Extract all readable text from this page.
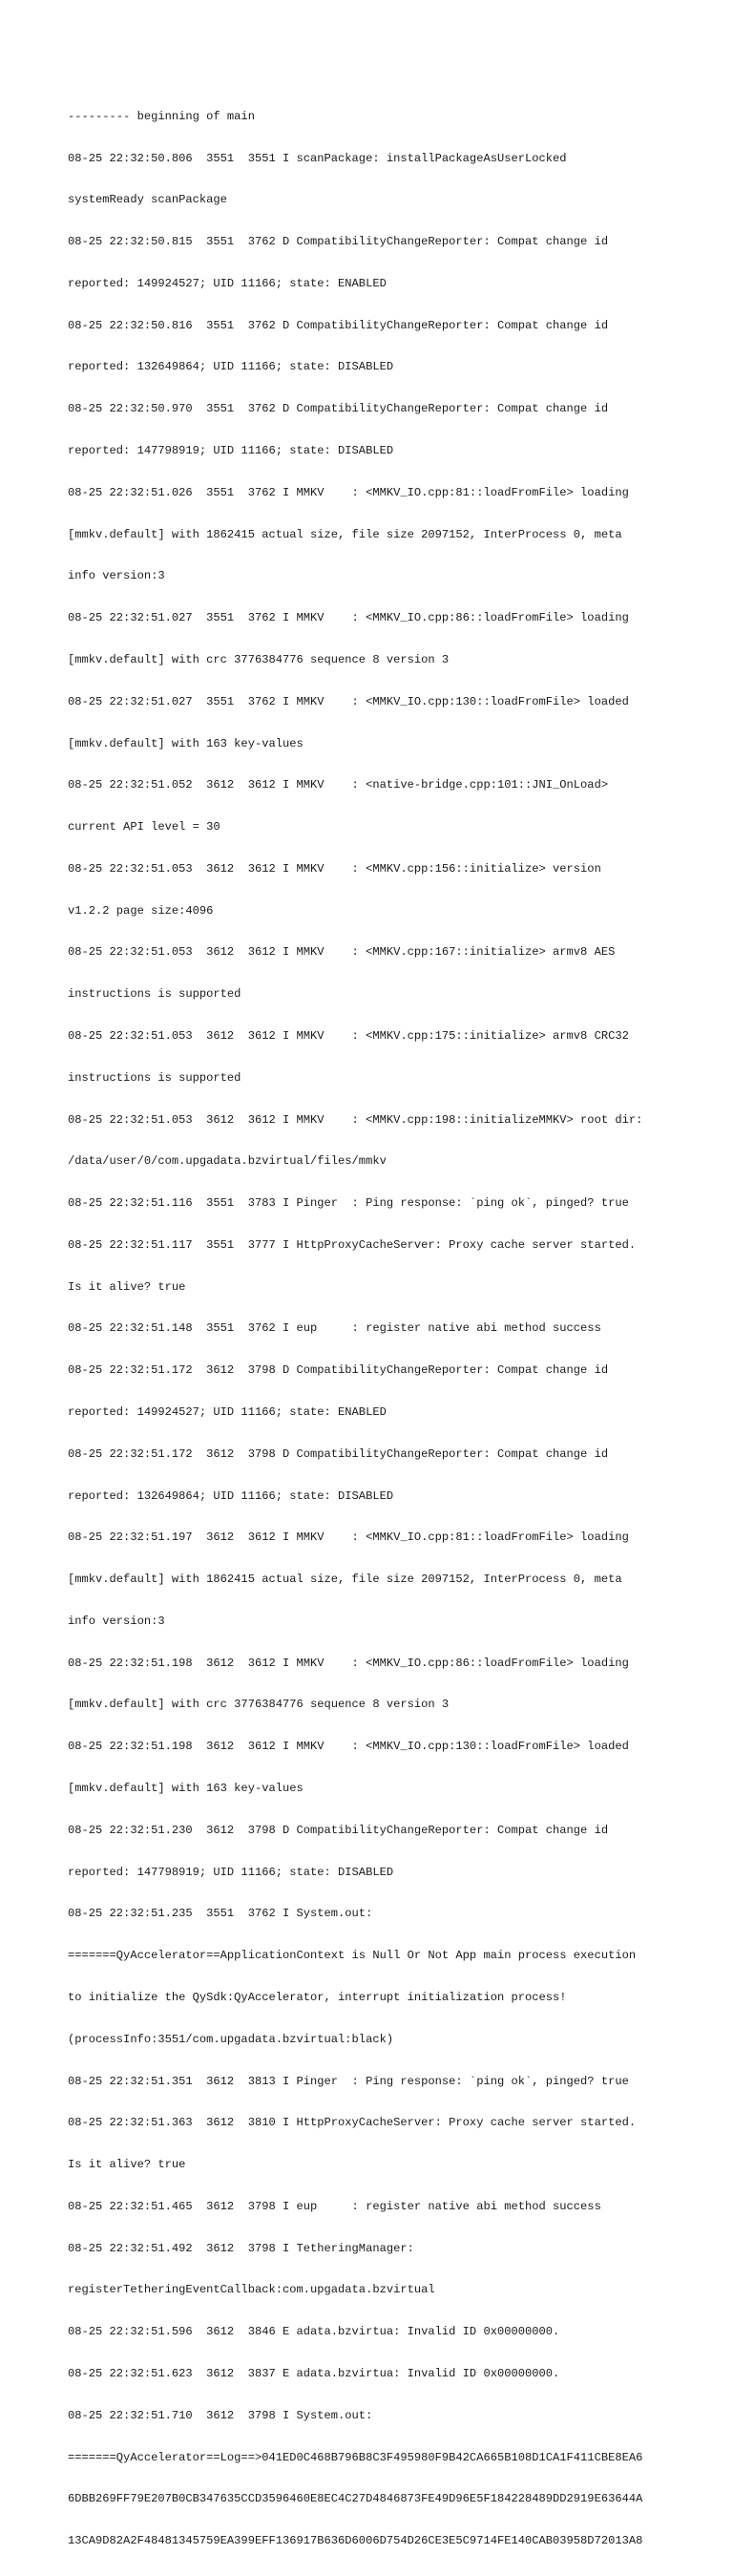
--------- beginning of main

08-25 22:32:50.806  3551  3551 I scanPackage: installPackageAsUserLocked

systemReady scanPackage

08-25 22:32:50.815  3551  3762 D CompatibilityChangeReporter: Compat change id

reported: 149924527; UID 11166; state: ENABLED

08-25 22:32:50.816  3551  3762 D CompatibilityChangeReporter: Compat change id

reported: 132649864; UID 11166; state: DISABLED

08-25 22:32:50.970  3551  3762 D CompatibilityChangeReporter: Compat change id

reported: 147798919; UID 11166; state: DISABLED

08-25 22:32:51.026  3551  3762 I MMKV    : <MMKV_IO.cpp:81::loadFromFile> loading

[mmkv.default] with 1862415 actual size, file size 2097152, InterProcess 0, meta

info version:3

08-25 22:32:51.027  3551  3762 I MMKV    : <MMKV_IO.cpp:86::loadFromFile> loading

[mmkv.default] with crc 3776384776 sequence 8 version 3

08-25 22:32:51.027  3551  3762 I MMKV    : <MMKV_IO.cpp:130::loadFromFile> loaded

[mmkv.default] with 163 key-values

08-25 22:32:51.052  3612  3612 I MMKV    : <native-bridge.cpp:101::JNI_OnLoad>

current API level = 30

08-25 22:32:51.053  3612  3612 I MMKV    : <MMKV.cpp:156::initialize> version

v1.2.2 page size:4096

08-25 22:32:51.053  3612  3612 I MMKV    : <MMKV.cpp:167::initialize> armv8 AES

instructions is supported

08-25 22:32:51.053  3612  3612 I MMKV    : <MMKV.cpp:175::initialize> armv8 CRC32

instructions is supported

08-25 22:32:51.053  3612  3612 I MMKV    : <MMKV.cpp:198::initializeMMKV> root dir:

/data/user/0/com.upgadata.bzvirtual/files/mmkv

08-25 22:32:51.116  3551  3783 I Pinger  : Ping response: `ping ok`, pinged? true

08-25 22:32:51.117  3551  3777 I HttpProxyCacheServer: Proxy cache server started.

Is it alive? true

08-25 22:32:51.148  3551  3762 I eup     : register native abi method success

08-25 22:32:51.172  3612  3798 D CompatibilityChangeReporter: Compat change id

reported: 149924527; UID 11166; state: ENABLED

08-25 22:32:51.172  3612  3798 D CompatibilityChangeReporter: Compat change id

reported: 132649864; UID 11166; state: DISABLED

08-25 22:32:51.197  3612  3612 I MMKV    : <MMKV_IO.cpp:81::loadFromFile> loading

[mmkv.default] with 1862415 actual size, file size 2097152, InterProcess 0, meta

info version:3

08-25 22:32:51.198  3612  3612 I MMKV    : <MMKV_IO.cpp:86::loadFromFile> loading

[mmkv.default] with crc 3776384776 sequence 8 version 3

08-25 22:32:51.198  3612  3612 I MMKV    : <MMKV_IO.cpp:130::loadFromFile> loaded

[mmkv.default] with 163 key-values

08-25 22:32:51.230  3612  3798 D CompatibilityChangeReporter: Compat change id

reported: 147798919; UID 11166; state: DISABLED

08-25 22:32:51.235  3551  3762 I System.out:

=======QyAccelerator==ApplicationContext is Null Or Not App main process execution

to initialize the QySdk:QyAccelerator, interrupt initialization process!

(processInfo:3551/com.upgadata.bzvirtual:black)

08-25 22:32:51.351  3612  3813 I Pinger  : Ping response: `ping ok`, pinged? true

08-25 22:32:51.363  3612  3810 I HttpProxyCacheServer: Proxy cache server started.

Is it alive? true

08-25 22:32:51.465  3612  3798 I eup     : register native abi method success

08-25 22:32:51.492  3612  3798 I TetheringManager:

registerTetheringEventCallback:com.upgadata.bzvirtual

08-25 22:32:51.596  3612  3846 E adata.bzvirtua: Invalid ID 0x00000000.

08-25 22:32:51.623  3612  3837 E adata.bzvirtua: Invalid ID 0x00000000.

08-25 22:32:51.710  3612  3798 I System.out:

=======QyAccelerator==Log==>041ED0C468B796B8C3F495980F9B42CA665B108D1CA1F411CBE8EA6

6DBB269FF79E207B0CB347635CCD3596460E8EC4C27D4846873FE49D96E5F184228489DD2919E63644A

13CA9D82A2F48481345759EA399EFF136917B636D6006D754D26CE3E5C9714FE140CAB03958D72013A8
